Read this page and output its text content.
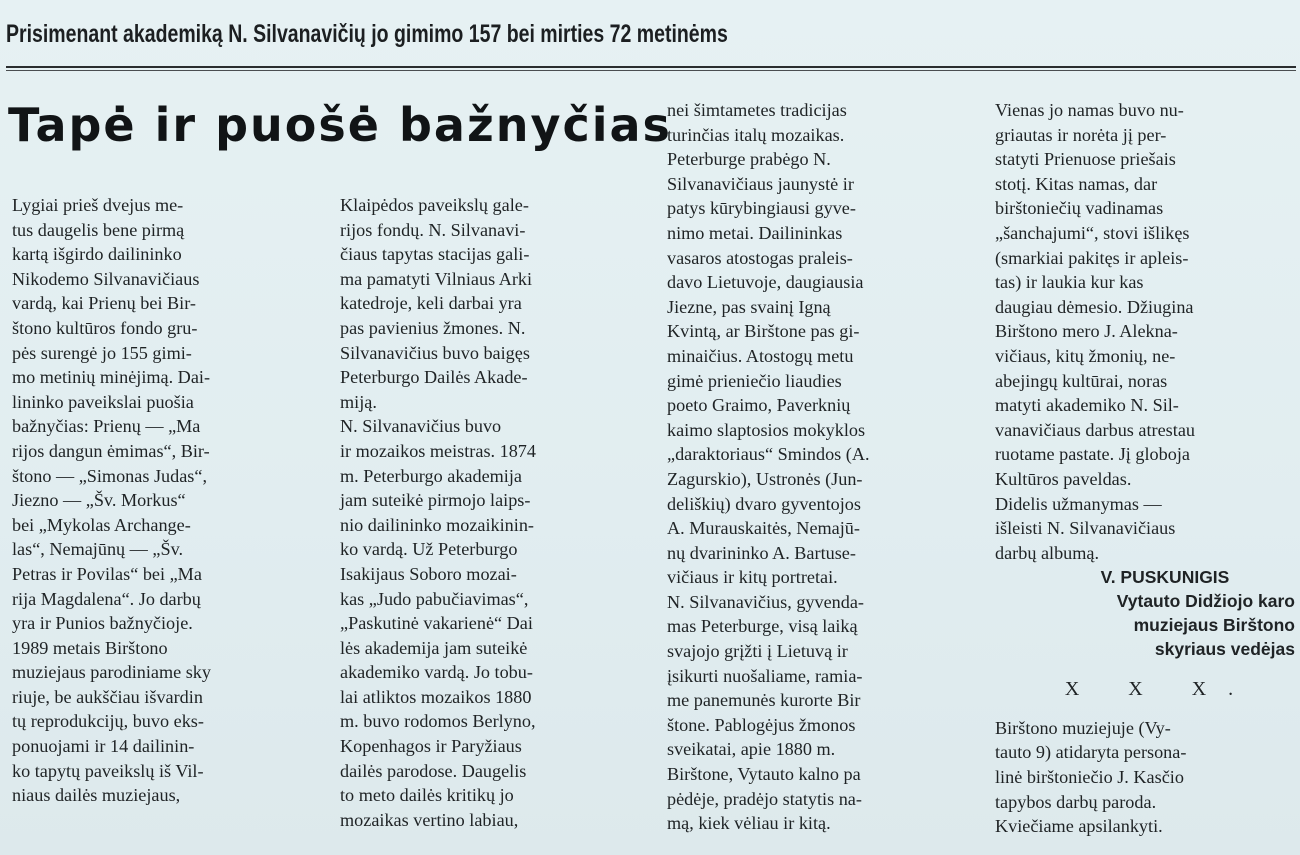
Prisimenant akademiką N. Silvanavičių jo gimimo 157 bei mirties 72 metinėms
Tapė ir puošė bažnyčias
Lygiai prieš dvejus me-
tus daugelis bene pirmą
kartą išgirdo dailininko
Nikodemo Silvanavičiaus
vardą, kai Prienų bei Bir-
štono kultūros fondo gru-
pės surengė jo 155 gimi-
mo metinių minėjimą. Dai-
lininko paveikslai puošia
bažnyčias: Prienų — „Ma
rijos dangun ėmimas“, Bir-
štono — „Simonas Judas“,
Jiezno — „Šv. Morkus“
bei „Mykolas Archange-
las“, Nemajūnų — „Šv.
Petras ir Povilas“ bei „Ma
rija Magdalena“. Jo darbų
yra ir Punios bažnyčioje.
1989 metais Birštono
muziejaus parodiniame sky
riuje, be aukščiau išvardin
tų reprodukcijų, buvo eks-
ponuojami ir 14 dailinin-
ko tapytų paveikslų iš Vil-
niaus dailės muziejaus,
Klaipėdos paveikslų gale-
rijos fondų. N. Silvanavi-
čiaus tapytas stacijas gali-
ma pamatyti Vilniaus Arki
katedroje, keli darbai yra
pas pavienius žmones. N.
Silvanavičius buvo baigęs
Peterburgo Dailės Akade-
miją.
N. Silvanavičius buvo
ir mozaikos meistras. 1874
m. Peterburgo akademija
jam suteikė pirmojo laips-
nio dailininko mozaikinin-
ko vardą. Už Peterburgo
Isakijaus Soboro mozai-
kas „Judo pabučiavimas“,
„Paskutinė vakarienė“ Dai
lės akademija jam suteikė
akademiko vardą. Jo tobu-
lai atliktos mozaikos 1880
m. buvo rodomos Berlyno,
Kopenhagos ir Paryžiaus
dailės parodose. Daugelis
to meto dailės kritikų jo
mozaikas vertino labiau,
nei šimtametes tradicijas
turinčias italų mozaikas.
Peterburge prabėgo N.
Silvanavičiaus jaunystė ir
patys kūrybingiausi gyve-
nimo metai. Dailininkas
vasaros atostogas praleis-
davo Lietuvoje, daugiausia
Jiezne, pas svainį Igną
Kvintą, ar Birštone pas gi-
minaičius. Atostogų metu
gimė prieniečio liaudies
poeto Graimo, Paverknių
kaimo slaptosios mokyklos
„daraktoriaus“ Smindos (A.
Zagurskio), Ustronės (Jun-
deliškių) dvaro gyventojos
A. Murauskaitės, Nemajū-
nų dvarininko A. Bartuse-
vičiaus ir kitų portretai.
N. Silvanavičius, gyvenda-
mas Peterburge, visą laiką
svajojo grįžti į Lietuvą ir
įsikurti nuošaliame, ramia-
me panemunės kurorte Bir
štone. Pablogėjus žmonos
sveikatai, apie 1880 m.
Birštone, Vytauto kalno pa
pėdėje, pradėjo statytis na-
mą, kiek vėliau ir kitą.
Vienas jo namas buvo nu-
griautas ir norėta jį per-
statyti Prienuose priešais
stotį. Kitas namas, dar
birštoniečių vadinamas
„šanchajumi“, stovi išlikęs
(smarkiai pakitęs ir apleis-
tas) ir laukia kur kas
daugiau dėmesio. Džiugina
Birštono mero J. Alekna-
vičiaus, kitų žmonių, ne-
abejingų kultūrai, noras
matyti akademiko N. Sil-
vanavičiaus darbus atrestau
ruotame pastate. Jį globoja
Kultūros paveldas.
Didelis užmanymas —
išleisti N. Silvanavičiaus
darbų albumą.
V. PUSKUNIGIS
Vytauto Didžiojo karo
muziejaus Birštono
skyriaus vedėjas
X X X.
Birštono muziejuje (Vy-
tauto 9) atidaryta persona-
linė birštoniečio J. Kasčio
tapybos darbų paroda.
Kviečiame apsilankyti.
